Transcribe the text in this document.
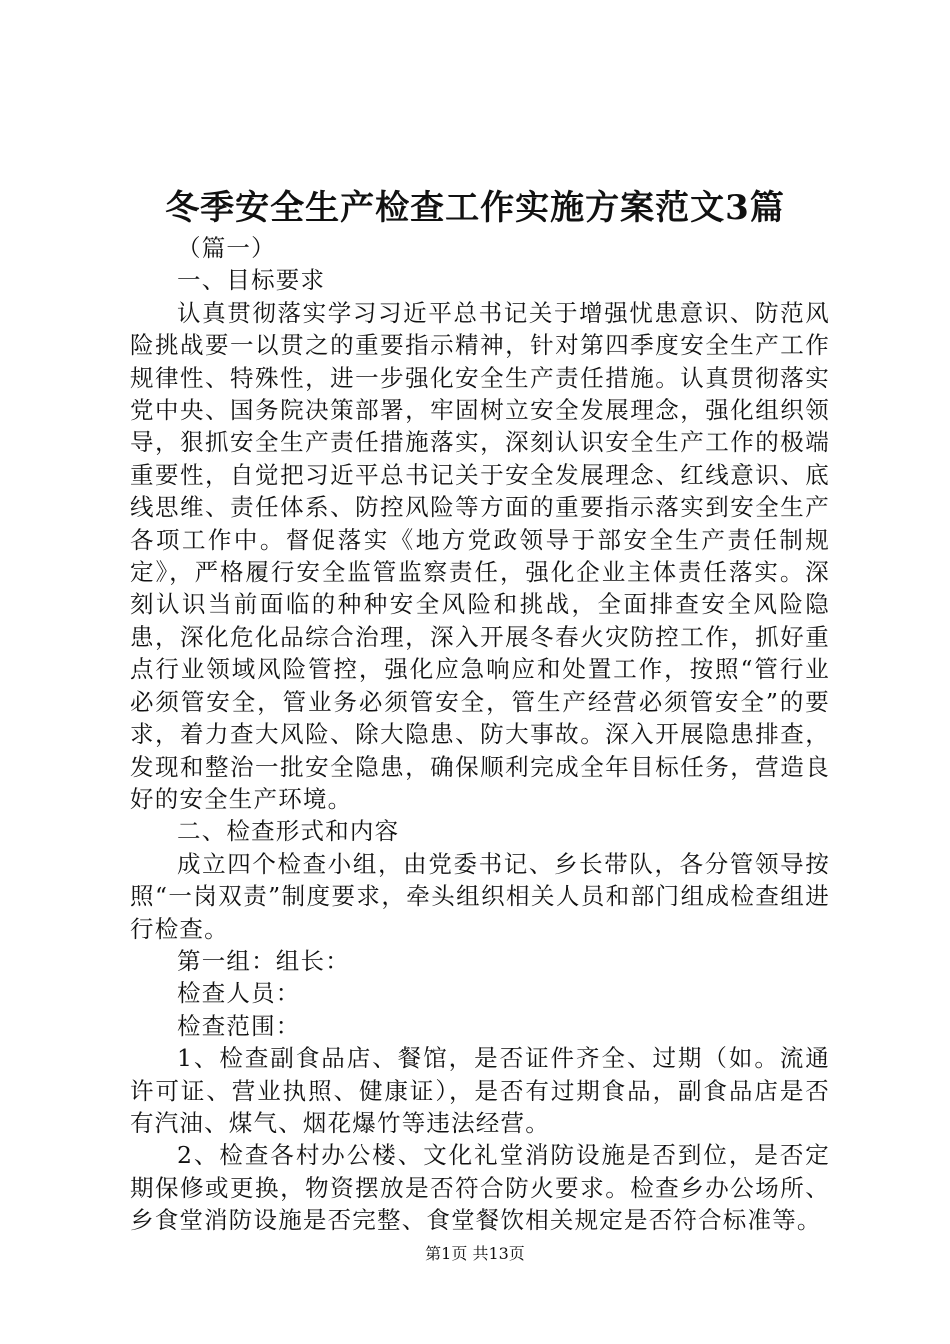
冬季安全生产检查工作实施方案范文3篇

（篇一）

一、目标要求

认真贯彻落实学习习近平总书记关于增强忧患意识、防范风险挑战要一以贯之的重要指示精神，针对第四季度安全生产工作规律性、特殊性，进一步强化安全生产责任措施。认真贯彻落实党中央、国务院决策部署，牢固树立安全发展理念，强化组织领导，狠抓安全生产责任措施落实，深刻认识安全生产工作的极端重要性，自觉把习近平总书记关于安全发展理念、红线意识、底线思维、责任体系、防控风险等方面的重要指示落实到安全生产各项工作中。督促落实《地方党政领导于部安全生产责任制规定》，严格履行安全监管监察责任，强化企业主体责任落实。深刻认识当前面临的种种安全风险和挑战，全面排查安全风险隐患，深化危化品综合治理，深入开展冬春火灾防控工作，抓好重点行业领域风险管控，强化应急响应和处置工作，按照“管行业必须管安全，管业务必须管安全，管生产经营必须管安全”的要求，着力查大风险、除大隐患、防大事故。深入开展隐患排查，发现和整治一批安全隐患，确保顺利完成全年目标任务，营造良好的安全生产环境。

二、检查形式和内容

成立四个检查小组，由党委书记、乡长带队，各分管领导按照“一岗双责”制度要求，牵头组织相关人员和部门组成检查组进行检查。

第一组：组长：

检查人员：

检查范围：

1、检查副食品店、餐馆，是否证件齐全、过期（如。流通许可证、营业执照、健康证），是否有过期食品，副食品店是否有汽油、煤气、烟花爆竹等违法经营。

2、检查各村办公楼、文化礼堂消防设施是否到位，是否定期保修或更换，物资摆放是否符合防火要求。检查乡办公场所、乡食堂消防设施是否完整、食堂餐饮相关规定是否符合标准等。

第1页 共13页
